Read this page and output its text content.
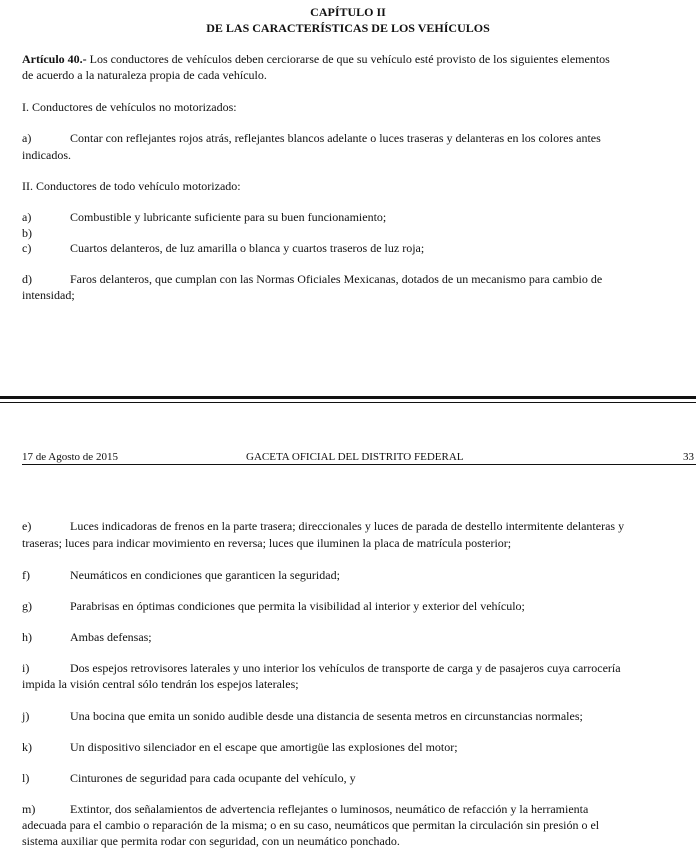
CAPÍTULO II
DE LAS CARACTERÍSTICAS DE LOS VEHÍCULOS
Artículo 40.- Los conductores de vehículos deben cerciorarse de que su vehículo esté provisto de los siguientes elementos
de acuerdo a la naturaleza propia de cada vehículo.
I. Conductores de vehículos no motorizados:
a)	Contar con reflejantes rojos atrás, reflejantes blancos adelante o luces traseras y delanteras en los colores antes
indicados.
II. Conductores de todo vehículo motorizado:
a)	Combustible y lubricante suficiente para su buen funcionamiento;
b)
c)	Cuartos delanteros, de luz amarilla o blanca y cuartos traseros de luz roja;
d)	Faros delanteros, que cumplan con las Normas Oficiales Mexicanas, dotados de un mecanismo para cambio de
intensidad;
17 de Agosto de 2015	GACETA OFICIAL DEL DISTRITO FEDERAL	33
e)	Luces indicadoras de frenos en la parte trasera; direccionales y luces de parada de destello intermitente delanteras y
traseras; luces para indicar movimiento en reversa; luces que iluminen la placa de matrícula posterior;
f)	Neumáticos en condiciones que garanticen la seguridad;
g)	Parabrisas en óptimas condiciones que permita la visibilidad al interior y exterior del vehículo;
h)	Ambas defensas;
i)	Dos espejos retrovisores laterales y uno interior los vehículos de transporte de carga y de pasajeros cuya carrocería
impida la visión central sólo tendrán los espejos laterales;
j)	Una bocina que emita un sonido audible desde una distancia de sesenta metros en circunstancias normales;
k)	Un dispositivo silenciador en el escape que amortigüe las explosiones del motor;
l)	Cinturones de seguridad para cada ocupante del vehículo, y
m)	Extintor, dos señalamientos de advertencia reflejantes o luminosos, neumático de refacción y la herramienta
adecuada para el cambio o reparación de la misma; o en su caso, neumáticos que permitan la circulación sin presión o el
sistema auxiliar que permita rodar con seguridad, con un neumático ponchado.
